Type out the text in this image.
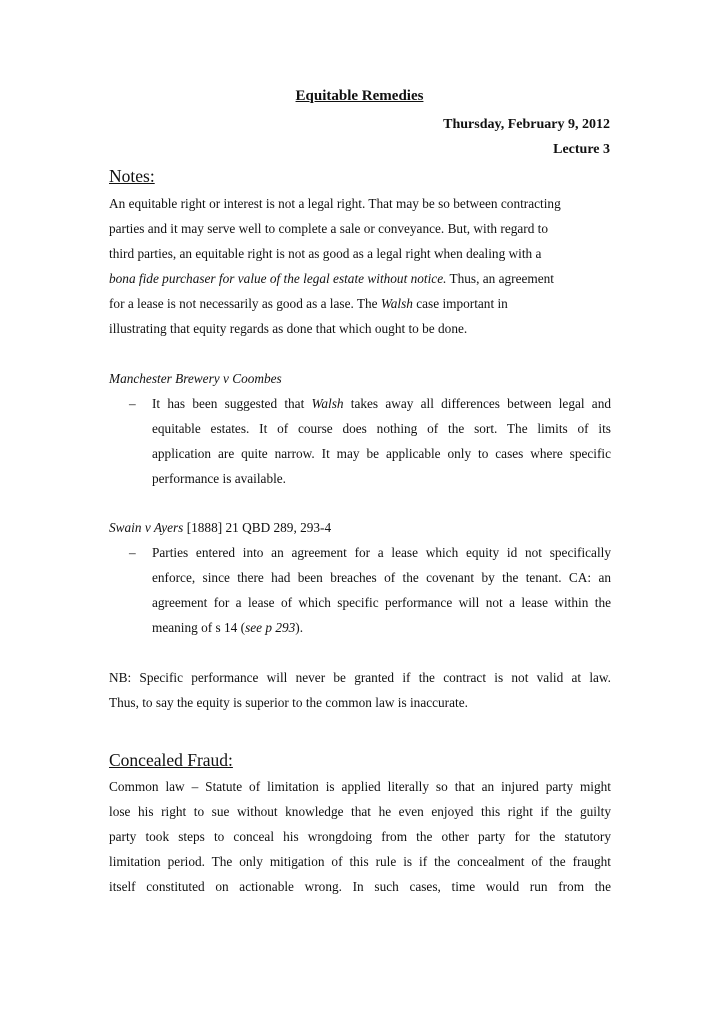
Equitable Remedies
Thursday, February 9, 2012
Lecture 3
Notes:
An equitable right or interest is not a legal right. That may be so between contracting
parties and it may serve well to complete a sale or conveyance. But, with regard to
third parties, an equitable right is not as good as a legal right when dealing with a
bona fide purchaser for value of the legal estate without notice. Thus, an agreement
for a lease is not necessarily as good as a lase. The Walsh case important in
illustrating that equity regards as done that which ought to be done.
Manchester Brewery v Coombes
– It has been suggested that Walsh takes away all differences between legal and
equitable estates. It of course does nothing of the sort. The limits of its
application are quite narrow. It may be applicable only to cases where specific
performance is available.
Swain v Ayers [1888] 21 QBD 289, 293-4
– Parties entered into an agreement for a lease which equity id not specifically
enforce, since there had been breaches of the covenant by the tenant. CA: an
agreement for a lease of which specific performance will not a lease within the
meaning of s 14 (see p 293).
NB: Specific performance will never be granted if the contract is not valid at law.
Thus, to say the equity is superior to the common law is inaccurate.
Concealed Fraud:
Common law – Statute of limitation is applied literally so that an injured party might
lose his right to sue without knowledge that he even enjoyed this right if the guilty
party took steps to conceal his wrongdoing from the other party for the statutory
limitation period. The only mitigation of this rule is if the concealment of the fraught
itself constituted on actionable wrong. In such cases, time would run from the
